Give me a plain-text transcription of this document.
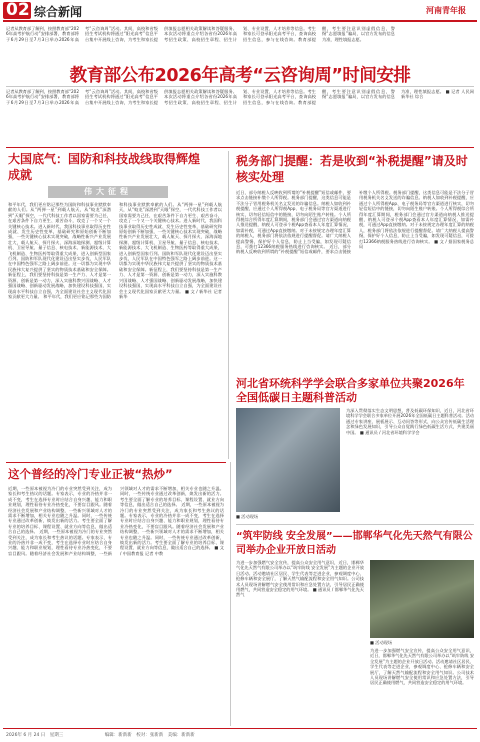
02 综合新闻	河南青年报
记者从教育部了解到，按照教育部“2026年高考护航行动”安排部署，教育部将于6月29日至7月3日举办2026年高考“云咨询周”活动。其间，高校和省级招生考试机构将通过“阳光高考”信息平台集中开展线上咨询，为考生和家长提供填报志愿相关政策解读和答疑服务。本次活动将重点介绍各省份2026年高考招生政策、高校招生章程、招生计划、专业设置、人才培养等信息。考生和家长可登录阳光高考平台，查询高校招生信息，参与在线咨询。教育部提醒，考生要注意识别虚假信息，警惕“志愿填报”骗局，以官方发布的信息为准，理性填报志愿。
教育部公布2026年高考“云咨询周”时间安排
记者从教育部了解到，按照教育部“2026年高考护航行动”安排部署，教育部将于6月29日至7月3日举办2026年高考“云咨询周”活动。其间，高校和省级招生考试机构将通过“阳光高考”信息平台集中开展线上咨询，为考生和家长提供填报志愿相关政策解读和答疑服务。本次活动将重点介绍各省份2026年高考招生政策、高校招生章程、招生计划、专业设置、人才培养等信息。考生和家长可登录阳光高考平台，查询高校招生信息，参与在线咨询。教育部提醒，考生要注意识别虚假信息，警惕“志愿填报”骗局，以官方发布的信息为准，理性填报志愿。 ■ 记者 人民网 新华社 综合
大国底气：国防和科技战线取得辉煌成就
伟大征程
和平年代，我们更应铭记那些为国防和科技事业默默奉献的人们。从“两弹一星”到载人航天，从“蛟龙”深潜到“天眼”探空，一代代科技工作者以国家需要为己任，在艰苦条件下自力更生、艰苦奋斗，攻克了一个又一个关键核心技术。进入新时代，我国科技事业取得历史性成就、发生历史性变革，基础研究和原始创新不断加强，一些关键核心技术实现突破，战略性新兴产业发展壮大，载人航天、探月探火、深海深地探测、超级计算机、卫星导航、量子信息、核电技术、新能源技术、大飞机制造、生物医药等取得重大成果，进入创新型国家行列。国防和军队现代化建设迈出坚实步伐，人民军队在中国特色强军之路上阔步前进。这一切都为实现中华民族伟大复兴提供了坚实的物质技术基础和安全保障。新征程上，我们要坚持科技是第一生产力、人才是第一资源、创新是第一动力，深入实施科教兴国战略、人才强国战略、创新驱动发展战略，加快建设科技强国，实现高水平科技自立自强，为全面建设社会主义现代化国家贡献更大力量。 和平年代，我们更应铭记那些为国防和科技事业默默奉献的人们。从“两弹一星”到载人航天，从“蛟龙”深潜到“天眼”探空，一代代科技工作者以国家需要为己任，在艰苦条件下自力更生、艰苦奋斗，攻克了一个又一个关键核心技术。进入新时代，我国科技事业取得历史性成就、发生历史性变革，基础研究和原始创新不断加强，一些关键核心技术实现突破，战略性新兴产业发展壮大，载人航天、探月探火、深海深地探测、超级计算机、卫星导航、量子信息、核电技术、新能源技术、大飞机制造、生物医药等取得重大成果，进入创新型国家行列。国防和军队现代化建设迈出坚实步伐，人民军队在中国特色强军之路上阔步前进。这一切都为实现中华民族伟大复兴提供了坚实的物质技术基础和安全保障。新征程上，我们要坚持科技是第一生产力、人才是第一资源、创新是第一动力，深入实施科教兴国战略、人才强国战略、创新驱动发展战略，加快建设科技强国，实现高水平科技自立自强，为全面建设社会主义现代化国家贡献更大力量。 ■ 文 / 新华社 记者 新华
税务部门提醒：若是收到“补税提醒”请及时核实处理
近日，部分纳税人反映收到所谓的“补税提醒”短信或邮件，要求点击链接补缴个人所得税。税务部门提醒，这类信息可能是不法分子冒用税务机关名义发送的诈骗信息。纳税人如收到补税提醒，应通过个人所得税App、电子税务局等官方渠道进行核实，切勿轻信短信中的链接，切勿向陌生账户转账。个人所得税综合所得年度汇算期间，税务部门会通过官方渠道向纳税人推送提醒，纳税人可登录个税App查看本人年度汇算情况，如需补税，可通过App直接缴纳。对于未按规定办理年度汇算的纳税人，税务部门将依法依规进行提醒督促。请广大纳税人提高警惕，保护好个人信息，防止上当受骗，如发现可疑信息，可拨打12366纳税服务热线进行咨询核实。 近日，部分纳税人反映收到所谓的“补税提醒”短信或邮件，要求点击链接补缴个人所得税。税务部门提醒，这类信息可能是不法分子冒用税务机关名义发送的诈骗信息。纳税人如收到补税提醒，应通过个人所得税App、电子税务局等官方渠道进行核实，切勿轻信短信中的链接，切勿向陌生账户转账。个人所得税综合所得年度汇算期间，税务部门会通过官方渠道向纳税人推送提醒，纳税人可登录个税App查看本人年度汇算情况，如需补税，可通过App直接缴纳。对于未按规定办理年度汇算的纳税人，税务部门将依法依规进行提醒督促。请广大纳税人提高警惕，保护好个人信息，防止上当受骗，如发现可疑信息，可拨打12366纳税服务热线进行咨询核实。 ■ 文 / 据国家税务总局
河北省环统科学学会联合多家单位共聚2026年全国低碳日主题科普活动
■ 活动现场
为深入贯彻落实生态文明思想，普及低碳环保知识，近日，河北省环境科学学会联合多家单位开展2026年全国低碳日主题科普活动。活动通过专家讲座、展板展示、互动问答等形式，向公众宣传低碳生活理念和绿色发展知识，引导公众自觉践行绿色低碳生活方式，共建美丽中国。 ■ 通讯员 / 河北省环境科学学会
这个普经的冷门专业正被“热炒”
近期，一些原本被视为冷门的专业突然受到关注，成为家长和考生热议的话题。专家表示，专业的冷热并非一成不变，考生在选择专业时应结合自身兴趣、能力和职业规划，理性看待专业冷热变化，不要盲目跟风。随着经济社会发展和产业结构调整，一些新兴领域对人才的需求不断增加，相关专业也随之升温。同时，一些传统专业通过改革创新，焕发出新的活力。考生要全面了解专业的培养目标、课程设置、就业方向等信息，做出适合自己的选择。 近期，一些原本被视为冷门的专业突然受到关注，成为家长和考生热议的话题。专家表示，专业的冷热并非一成不变，考生在选择专业时应结合自身兴趣、能力和职业规划，理性看待专业冷热变化，不要盲目跟风。随着经济社会发展和产业结构调整，一些新兴领域对人才的需求不断增加，相关专业也随之升温。同时，一些传统专业通过改革创新，焕发出新的活力。考生要全面了解专业的培养目标、课程设置、就业方向等信息，做出适合自己的选择。 近期，一些原本被视为冷门的专业突然受到关注，成为家长和考生热议的话题。专家表示，专业的冷热并非一成不变，考生在选择专业时应结合自身兴趣、能力和职业规划，理性看待专业冷热变化，不要盲目跟风。随着经济社会发展和产业结构调整，一些新兴领域对人才的需求不断增加，相关专业也随之升温。同时，一些传统专业通过改革创新，焕发出新的活力。考生要全面了解专业的培养目标、课程设置、就业方向等信息，做出适合自己的选择。 ■ 文 / 中国教育报 记者 中教
“筑牢防线 安全发展”——邯郸华气化先天然气有限公司举办企业开放日活动
为进一步加强燃气安全宣传，提高公众安全用气意识，近日，邯郸华气化先天然气有限公司举办以“筑牢防线 安全发展”为主题的企业开放日活动。活动邀请社区居民、学生代表等走进企业，参观调度中心、抢修车辆和安全展厅，了解天然气输配流程和安全用气知识。公司技术人员现场讲解燃气安全使用常识和应急处置方法，引导居民正确使用燃气，共同营造安全稳定的用气环境。 ■ 通讯员 / 邯郸华气化先天然气
■ 活动现场
为进一步加强燃气安全宣传，提高公众安全用气意识，近日，邯郸华气化先天然气有限公司举办以“筑牢防线 安全发展”为主题的企业开放日活动。活动邀请社区居民、学生代表等走进企业，参观调度中心、抢修车辆和安全展厅，了解天然气输配流程和安全用气知识。公司技术人员现场讲解燃气安全使用常识和应急处置方法，引导居民正确使用燃气，共同营造安全稳定的用气环境。
2026年 6 月 24 日　星期三	编辑：新新新　校对：张新新　美编：新新新
